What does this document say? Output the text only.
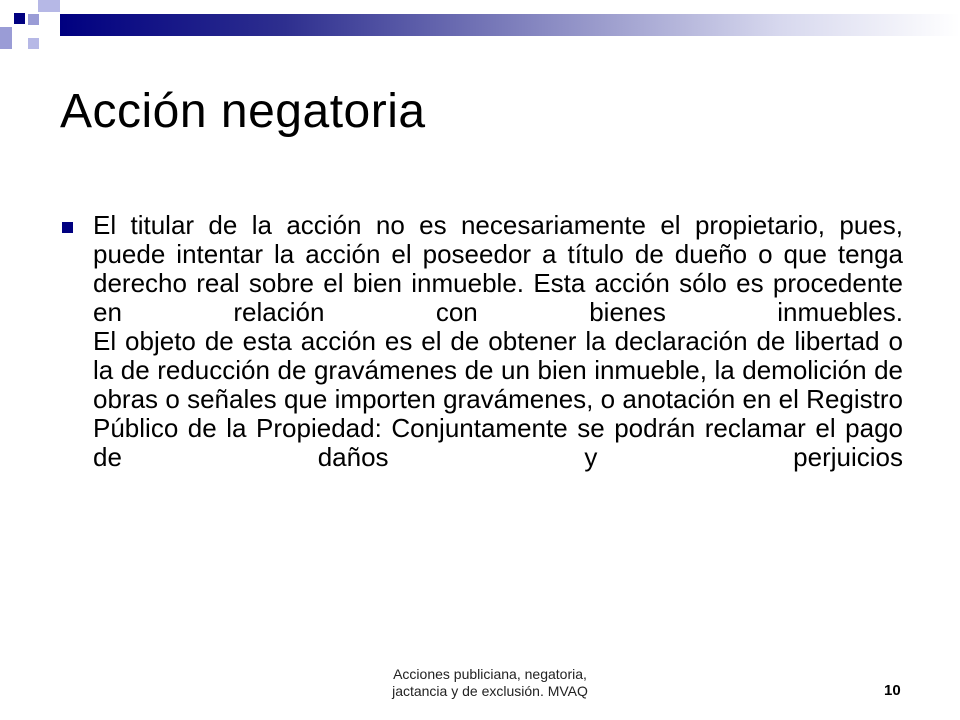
Acción negatoria
El titular de la acción no es necesariamente el propietario, pues, puede intentar la acción el poseedor a título de dueño o que tenga derecho real sobre el bien inmueble. Esta acción sólo es procedente en relación con bienes inmuebles.
El objeto de esta acción es el de obtener la declaración de libertad o la de reducción de gravámenes de un bien inmueble, la demolición de obras o señales que importen gravámenes, o anotación en el Registro Público de la Propiedad: Conjuntamente se podrán reclamar el pago de daños y perjuicios
Acciones publiciana, negatoria,
jactancia y de exclusión. MVAQ	10
